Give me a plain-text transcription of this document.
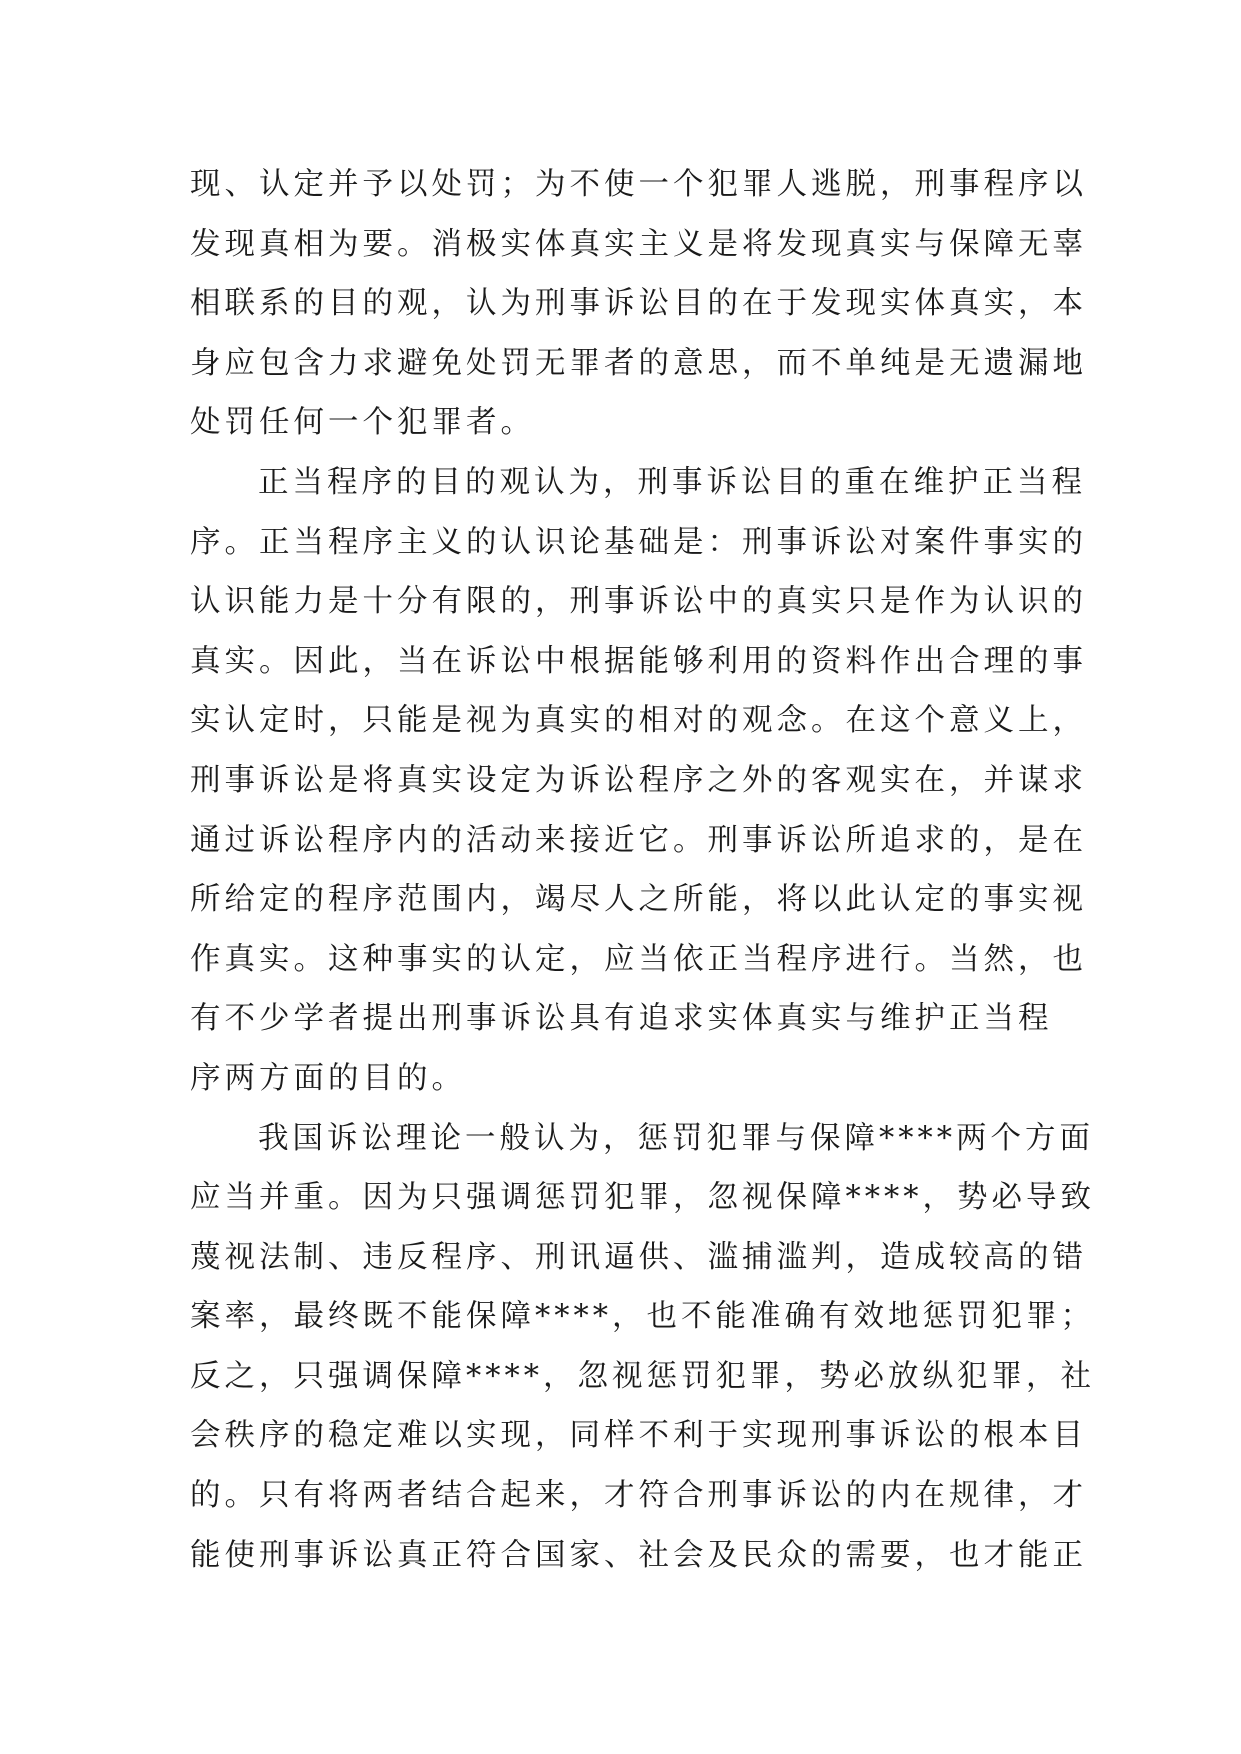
现、认定并予以处罚；为不使一个犯罪人逃脱，刑事程序以
发现真相为要。消极实体真实主义是将发现真实与保障无辜
相联系的目的观，认为刑事诉讼目的在于发现实体真实，本
身应包含力求避免处罚无罪者的意思，而不单纯是无遗漏地
处罚任何一个犯罪者。
正当程序的目的观认为，刑事诉讼目的重在维护正当程
序。正当程序主义的认识论基础是：刑事诉讼对案件事实的
认识能力是十分有限的，刑事诉讼中的真实只是作为认识的
真实。因此，当在诉讼中根据能够利用的资料作出合理的事
实认定时，只能是视为真实的相对的观念。在这个意义上，
刑事诉讼是将真实设定为诉讼程序之外的客观实在，并谋求
通过诉讼程序内的活动来接近它。刑事诉讼所追求的，是在
所给定的程序范围内，竭尽人之所能，将以此认定的事实视
作真实。这种事实的认定，应当依正当程序进行。当然，也
有不少学者提出刑事诉讼具有追求实体真实与维护正当程
序两方面的目的。
我国诉讼理论一般认为，惩罚犯罪与保障****两个方面
应当并重。因为只强调惩罚犯罪，忽视保障****，势必导致
蔑视法制、违反程序、刑讯逼供、滥捕滥判，造成较高的错
案率，最终既不能保障****，也不能准确有效地惩罚犯罪；
反之，只强调保障****，忽视惩罚犯罪，势必放纵犯罪，社
会秩序的稳定难以实现，同样不利于实现刑事诉讼的根本目
的。只有将两者结合起来，才符合刑事诉讼的内在规律，才
能使刑事诉讼真正符合国家、社会及民众的需要，也才能正
